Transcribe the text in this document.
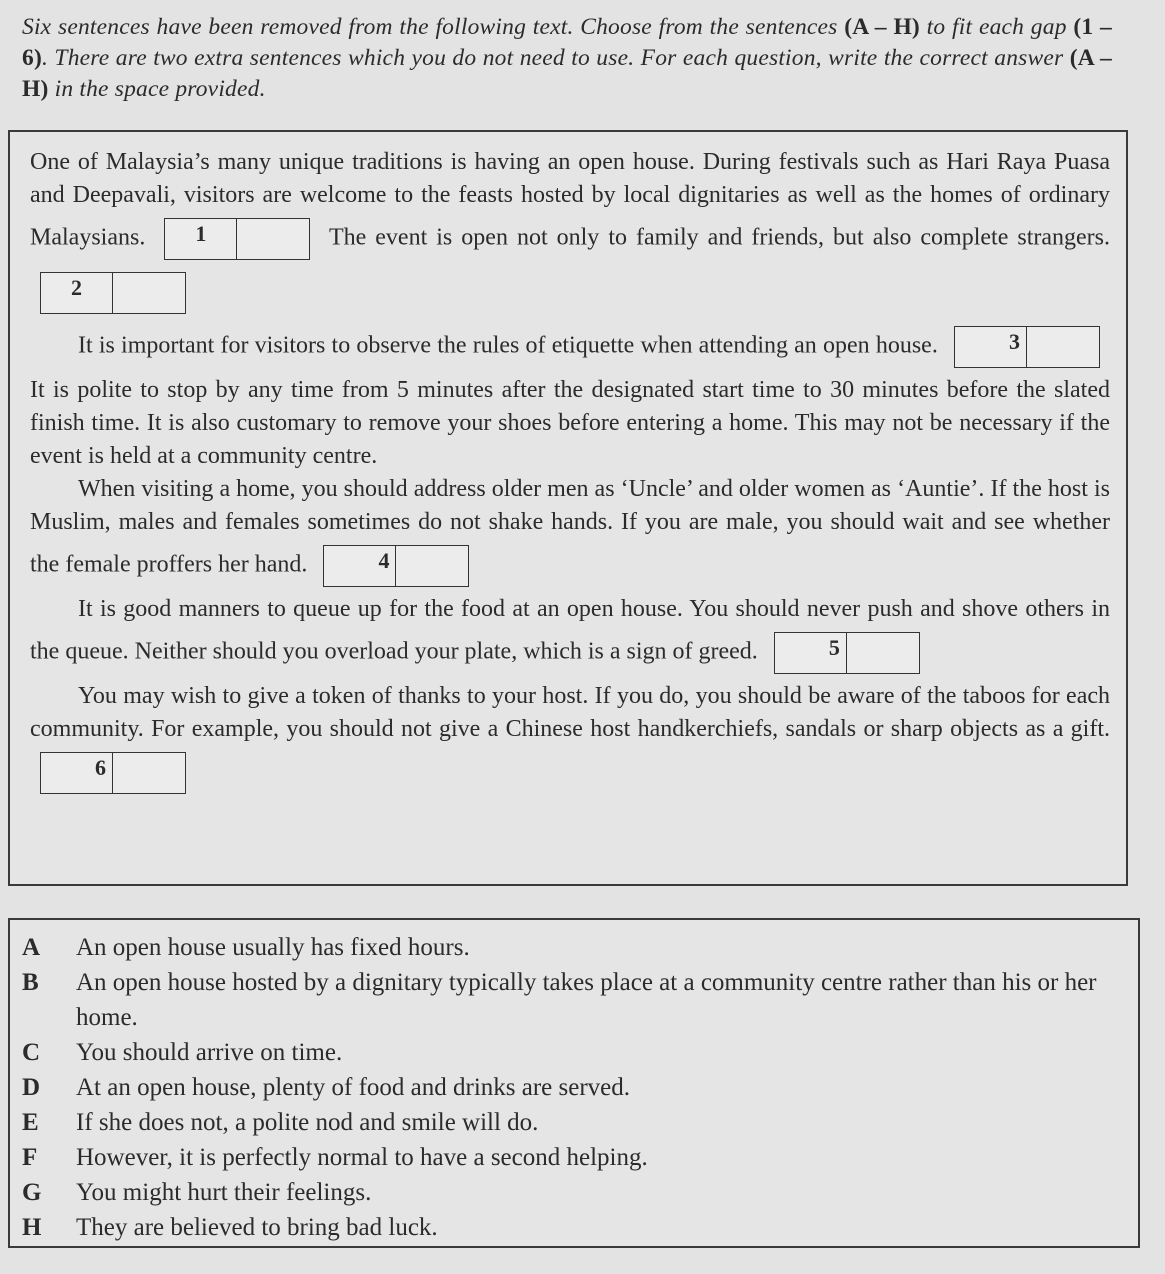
Six sentences have been removed from the following text. Choose from the sentences (A – H) to fit each gap (1 – 6). There are two extra sentences which you do not need to use. For each question, write the correct answer (A – H) in the space provided.

One of Malaysia’s many unique traditions is having an open house. During festivals such as Hari Raya Puasa and Deepavali, visitors are welcome to the feasts hosted by local dignitaries as well as the homes of ordinary Malaysians.	1	The event is open not only to family and friends, but also complete strangers.
2

It is important for visitors to observe the rules of etiquette when attending an open house.	3
It is polite to stop by any time from 5 minutes after the designated start time to 30 minutes before the slated finish time. It is also customary to remove your shoes before entering a home. This may not be necessary if the event is held at a community centre.

When visiting a home, you should address older men as ‘Uncle’ and older women as ‘Auntie’. If the host is Muslim, males and females sometimes do not shake hands. If you are male, you should wait and see whether the female proffers her hand.	4

It is good manners to queue up for the food at an open house. You should never push and shove others in the queue. Neither should you overload your plate, which is a sign of greed.	5

You may wish to give a token of thanks to your host. If you do, you should be aware of the taboos for each community. For example, you should not give a Chinese host handkerchiefs, sandals or sharp objects as a gift.
6

A	An open house usually has fixed hours.
B	An open house hosted by a dignitary typically takes place at a community centre rather than his or her home.
C	You should arrive on time.
D	At an open house, plenty of food and drinks are served.
E	If she does not, a polite nod and smile will do.
F	However, it is perfectly normal to have a second helping.
G	You might hurt their feelings.
H	They are believed to bring bad luck.
